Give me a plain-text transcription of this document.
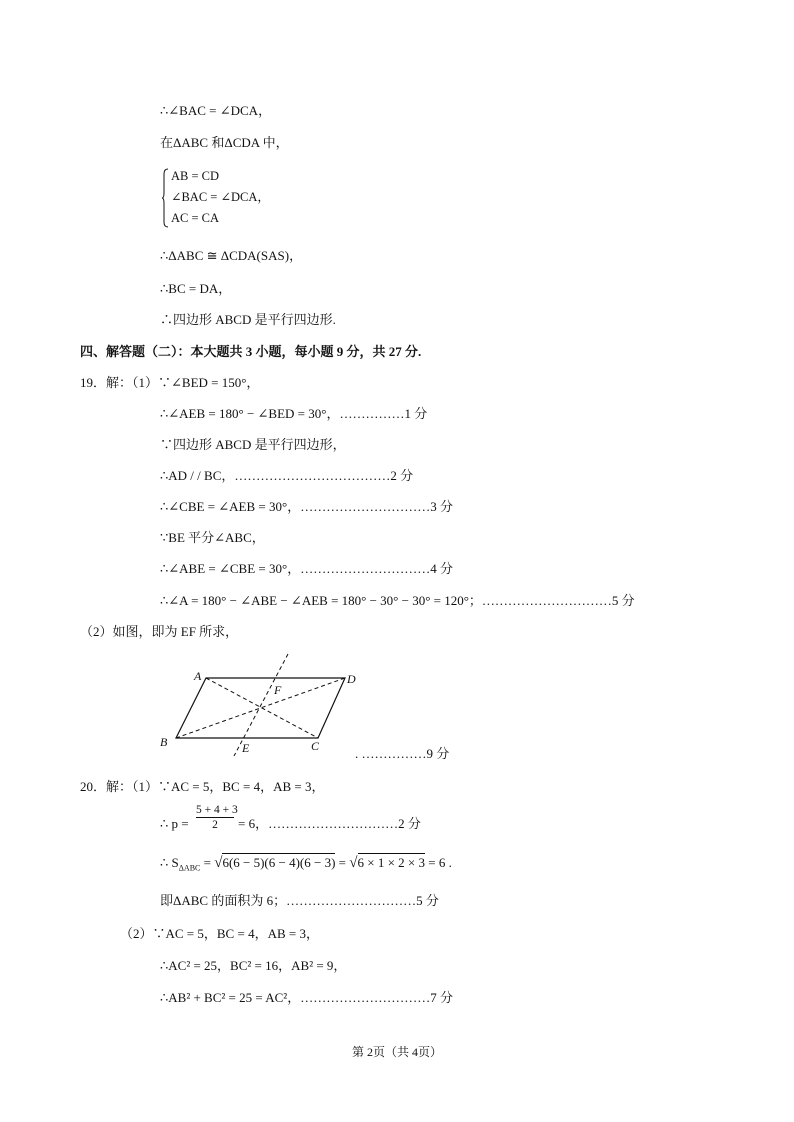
∴∠BAC = ∠DCA，
在ΔABC 和ΔCDA 中，
AB = CD
∠BAC = ∠DCA，
AC = CA
∴ΔABC ≅ ΔCDA(SAS)，
∴BC = DA，
∴四边形 ABCD 是平行四边形.
四、解答题（二）：本大题共 3 小题，每小题 9 分，共 27 分.
19．解：（1）∵∠BED = 150°，
∴∠AEB = 180° − ∠BED = 30°，……………1 分
∵四边形 ABCD 是平行四边形，
∴AD / / BC，………………………………2 分
∴∠CBE = ∠AEB = 30°，…………………………3 分
∵BE 平分∠ABC，
∴∠ABE = ∠CBE = 30°，…………………………4 分
∴∠A = 180° − ∠ABE − ∠AEB = 180° − 30° − 30° = 120°；…………………………5 分
（2）如图，即为 EF 所求，
A	D
B	C
E
F
. ……………9 分
20．解：（1）∵AC = 5，BC = 4，AB = 3，
∴ $p = \frac{5 + 4 + 3}{2} = 6$，…………………………2 分
∴ $S_{\Delta ABC} = √6(6 - 5)(6 - 4)(6 - 3) = √6 \times 1 \times 2 \times 3 = 6$ .
即ΔABC 的面积为 6；…………………………5 分
（2）∵AC = 5，BC = 4，AB = 3，
∴AC² = 25，BC² = 16，AB² = 9，
∴AB² + BC² = 25 = AC²，…………………………7 分
第 2页（共 4页）
